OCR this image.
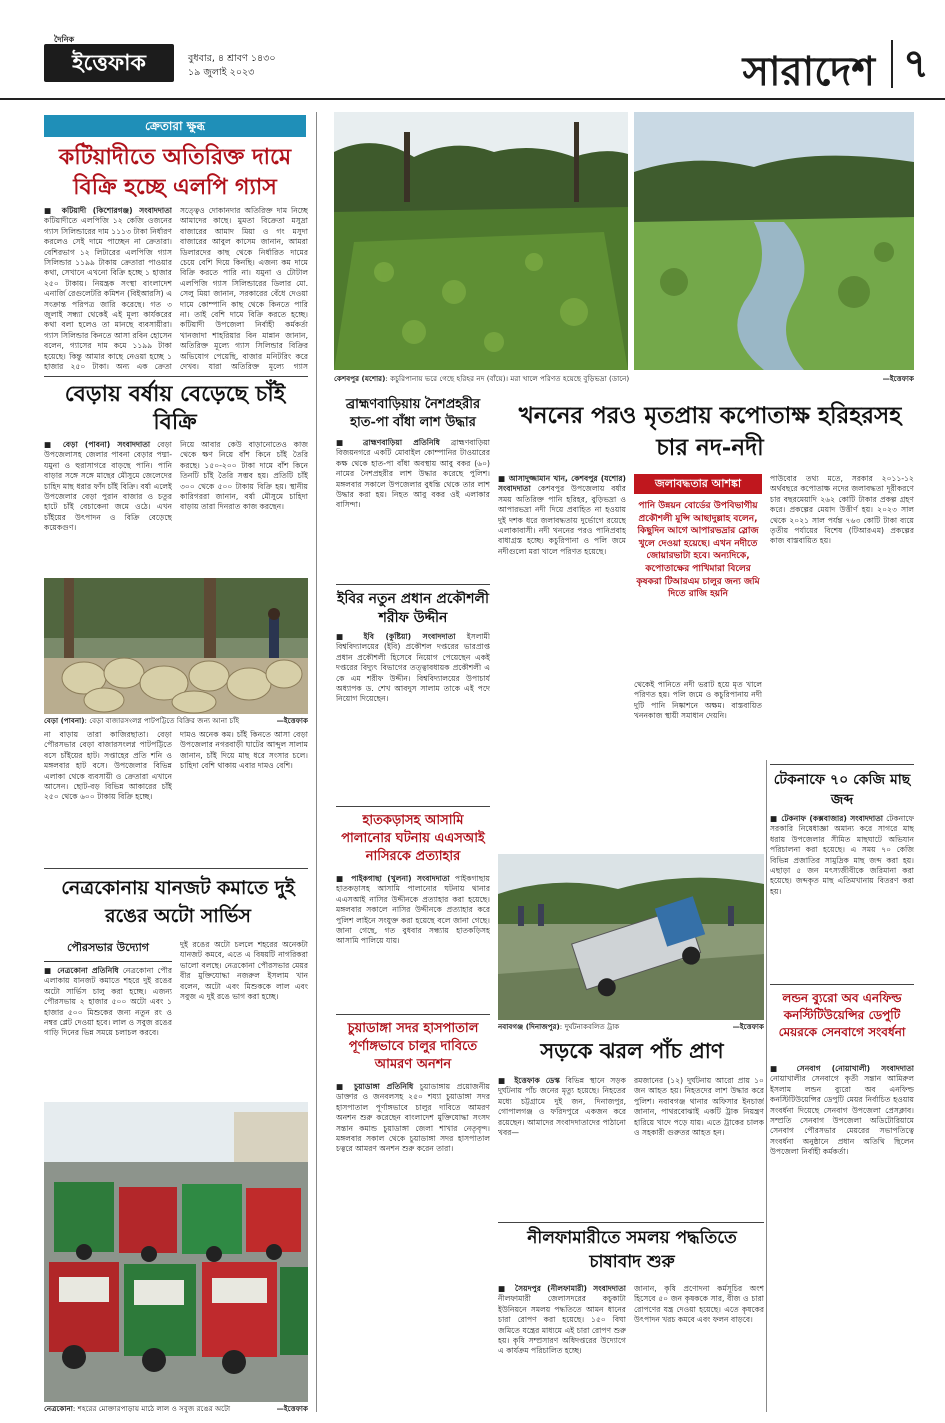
দৈনিক
ইত্তেফাক	বুধবার, ৪ শ্রাবণ ১৪৩০
১৯ জুলাই ২০২৩	সারাদেশ ৭
ক্রেতারা ক্ষুব্ধ
কটিয়াদীতে অতিরিক্ত দামে বিক্রি হচ্ছে এলপি গ্যাস
■ কটিয়াদী (কিশোরগঞ্জ) সংবাদদাতা কটিয়াদীতে এলপিজি ১২ কেজি ওজনের গ্যাস সিলিন্ডারের দাম ১১১৩ টাকা নির্ধারণ করলেও সেই দামে পাচ্ছেন না ক্রেতারা। বেশিরভাগ ১২ লিটারের এলপিজি গ্যাস সিলিন্ডার ১১৯৯ টাকায় ক্রেতারা পাওয়ার কথা, সেখানে এখনো বিক্রি হচ্ছে ১ হাজার ২৫০ টাকায়। নিয়ন্ত্রক সংস্থা বাংলাদেশ এনার্জি রেগুলেটরি কমিশন (বিইআরসি) এ সংক্রান্ত পরিপত্র জারি করেছে। গত ৩ জুলাই সন্ধ্যা থেকেই এই মূল্য কার্যকরের কথা বলা হলেও তা মানছে ব্যবসায়ীরা। গ্যাস সিলিন্ডার কিনতে আসা রবিন হোসেন বলেন, গ্যাসের দাম কমে ১১৯৯ টাকা হয়েছে। কিন্তু আমার কাছে নেওয়া হচ্ছে ১ হাজার ২৫০ টাকা। অন্য এক ক্রেতা
সত্ত্বেও দোকানদার অতিরিক্ত দাম নিচ্ছে আমাদের কাছে। মুমতা বিক্রেতা মসুদ্রা বাজারের আমাদ মিয়া ও গং মসুদা বাজারের আবুল কাসেম জানান, আমরা ডিলারদের কাছ থেকে নির্ধারিত দামের চেয়ে বেশি দিয়ে কিনছি। এজন্য কম দামে বিক্রি করতে পারি না। যমুনা ও টোটাল এলপিজি গ্যাস সিলিন্ডারের ডিলার মো. সেলু মিয়া জানান, সরকারের বেঁধে দেওয়া দামে কোম্পানি কাছ থেকে কিনতে পারি না। তাই বেশি দামে বিক্রি করতে হচ্ছে। কটিয়াদী উপজেলা নির্বাহী কর্মকর্তা খানজাদা শাহরিয়ার বিন মান্নান জানান, অতিরিক্ত মূল্যে গ্যাস সিলিন্ডার বিক্রির অভিযোগ পেয়েছি, বাজার মনিটরিং করে দেখব। যারা অতিরিক্ত মূল্যে গ্যাস
বেড়ায় বর্ষায় বেড়েছে চাঁই বিক্রি
■ বেড়া (পাবনা) সংবাদদাতা বেড়া উপজেলাসহ জেলার পাবনা বেড়ার পদ্মা-যমুনা ও হুরাসাগরে বাড়ছে পানি। পানি বাড়ার সঙ্গে সঙ্গে মাছের মৌসুমে জেলেদের চাহিদ মাছ ধরার ফাঁদ চাঁই বিক্রি। বর্ষা এলেই উপজেলার বেড়া পুরান বাজার ও চতুর হাটে চাঁই বেচাকেনা জমে ওঠে। এখন চাঁইয়ের উৎপাদন ও বিক্রি বেড়েছে কয়েকগুণ।
নিয়ে আবার কেউ বাড়ানোতেও কাজ থেকে ক্ষণ নিয়ে বাঁশ কিনে চাঁই তৈরি করছে। ১৫০-২০০ টাকা দামে বাঁশ কিনে তিনটি চাঁই তৈরি সম্ভব হয়। প্রতিটি চাঁই ৩০০ থেকে ৫০০ টাকায় বিক্রি হয়। স্থানীয় কারিগররা জানান, বর্ষা মৌসুমে চাহিদা বাড়ায় তারা দিনরাত কাজ করছেন।
বেড়া (পাবনা): বেড়া বাজারসংলগ্ন পাটপট্টিতে বিক্রির জন্য আনা চাঁই	—ইত্তেফাক
না বাড়ায় তারা কাজিরছাতা। বেড়া পৌরসভার বেড়া বাজারসংলগ্ন পাটপট্টিতে বসে চাঁইয়ের হাট। সপ্তাহের প্রতি শনি ও মঙ্গলবার হাট বসে। উপজেলার বিভিন্ন এলাকা থেকে ব্যবসায়ী ও ক্রেতারা এখানে আসেন। ছোট-বড় বিভিন্ন আকারের চাঁই ২৫০ থেকে ৬০০ টাকায় বিক্রি হচ্ছে।
দামও অনেক কম। চাঁই কিনতে আসা বেড়া উপজেলার নগরবাড়ী ঘাটের আব্দুল সালাম জানান, চাঁই দিয়ে মাছ ধরে সংসার চলে। চাহিদা বেশি থাকায় এবার দামও বেশি।
নেত্রকোনায় যানজট কমাতে দুই রঙের অটো সার্ভিস
পৌরসভার উদ্যোগ
■ নেত্রকোনা প্রতিনিধি নেত্রকোনা পৌর এলাকায় যানজট কমাতে শহরে দুই রঙের অটো সার্ভিস চালু করা হচ্ছে। এজন্য পৌরসভায় ২ হাজার ৫০০ অটো এবং ১ হাজার ৫০০ মিশুকের জন্য নতুন রং ও নম্বর প্লেট দেওয়া হবে। লাল ও সবুজ রঙের গাড়ি দিনের ভিন্ন সময়ে চলাচল করবে।
দুই রঙের অটো চললে শহরের অনেকটা যানজট কমবে, এতে এ বিষয়টি নাগরিকরা ভালো বলছে। নেত্রকোনা পৌরসভার মেয়র বীর মুক্তিযোদ্ধা নজরুল ইসলাম খান বলেন, অটো এবং মিশুককে লাল এবং সবুজ এ দুই রঙে ভাগ করা হচ্ছে।
নেত্রকোনা: শহরের মোক্তারপাড়ায় মাঠে লাল ও সবুজ রঙের অটো	—ইত্তেফাক
কেশবপুর (যশোর): কচুরিপানায় ভরে গেছে হরিহর নদ (বাঁয়ে)। মরা খালে পরিণত হয়েছে বুড়িভদ্রা (ডানে)	—ইত্তেফাক
ব্রাহ্মণবাড়িয়ায় নৈশপ্রহরীর হাত-পা বাঁধা লাশ উদ্ধার
■ ব্রাহ্মণবাড়িয়া প্রতিনিধি ব্রাহ্মণবাড়িয়া বিজয়নগরে একটি মোবাইল কোম্পানির টাওয়ারের কক্ষ থেকে হাত-পা বাঁধা অবস্থায় আবু বকর (৬০) নামের নৈশপ্রহরীর লাশ উদ্ধার করেছে পুলিশ। মঙ্গলবার সকালে উপজেলার বুধন্তি থেকে তার লাশ উদ্ধার করা হয়। নিহত আবু বকর ওই এলাকার বাসিন্দা।
ইবির নতুন প্রধান প্রকৌশলী শরীফ উদ্দীন
■ ইবি (কুষ্টিয়া) সংবাদদাতা ইসলামী বিশ্ববিদ্যালয়ের (ইবি) প্রকৌশল দপ্তরের ভারপ্রাপ্ত প্রধান প্রকৌশলী হিসেবে নিয়োগ পেয়েছেন একই দপ্তরের বিদ্যুৎ বিভাগের তত্ত্বাবধায়ক প্রকৌশলী এ কে এম শরীফ উদ্দীন। বিশ্ববিদ্যালয়ের উপাচার্য অধ্যাপক ড. শেখ আবদুস সালাম তাকে এই পদে নিয়োগ দিয়েছেন।
হাতকড়াসহ আসামি পালানোর ঘটনায় এএসআই নাসিরকে প্রত্যাহার
■ পাইকগাছা (খুলনা) সংবাদদাতা পাইকগাছায় হাতকড়াসহ আসামি পালানোর ঘটনায় থানার এএসআই নাসির উদ্দীনকে প্রত্যাহার করা হয়েছে। মঙ্গলবার সকালে নাসির উদ্দীনকে প্রত্যাহার করে পুলিশ লাইনে সংযুক্ত করা হয়েছে বলে জানা গেছে। জানা গেছে, গত বুধবার সন্ধ্যায় হাতকড়িসহ আসামি পালিয়ে যায়।
চুয়াডাঙ্গা সদর হাসপাতাল পূর্ণাঙ্গভাবে চালুর দাবিতে আমরণ অনশন
■ চুয়াডাঙ্গা প্রতিনিধি চুয়াডাঙ্গায় প্রয়োজনীয় ডাক্তার ও জনবলসহ ২৫০ শয্যা চুয়াডাঙ্গা সদর হাসপাতাল পূর্ণাঙ্গভাবে চালুর দাবিতে আমরণ অনশন শুরু করেছেন বাংলাদেশ মুক্তিযোদ্ধা সংসদ সন্তান কমান্ড চুয়াডাঙ্গা জেলা শাখার নেতৃবৃন্দ। মঙ্গলবার সকাল থেকে চুয়াডাঙ্গা সদর হাসপাতাল চত্বরে আমরণ অনশন শুরু করেন তারা।
খননের পরও মৃতপ্রায় কপোতাক্ষ হরিহরসহ চার নদ-নদী
■ আসাদুজ্জামান খান, কেশবপুর (যশোর) সংবাদদাতা কেশবপুর উপজেলায় বর্ষার সময় অতিরিক্ত পানি হরিহর, বুড়িভদ্রা ও আপারভদ্রা নদী দিয়ে প্রবাহিত না হওয়ায় দুই দশক ধরে জলাবদ্ধতায় দুর্ভোগে রয়েছে এলাকাবাসী। নদী খননের পরও পানিপ্রবাহ বাধাগ্রস্ত হচ্ছে। কচুরিপানা ও পলি জমে নদীগুলো মরা খালে পরিণত হয়েছে।
জলাবদ্ধতার আশঙ্কা
পানি উন্নয়ন বোর্ডের উপবিভাগীয় প্রকৌশলী মুন্সি আছাদুল্লাহ বলেন, কিছুদিন আগে আপারভদ্রার স্লোজ খুলে দেওয়া হয়েছে। এখন নদীতে জোয়ারভাটা হবে। অন্যদিকে, কপোতাক্ষের পাখিমারা বিলের কৃষকরা টিআরএম চালুর জন্য জমি দিতে রাজি হয়নি
থেকেই পানিতে নদী ভরাট হয়ে মৃত খালে পরিণত হয়। পলি জমে ও কচুরিপানায় নদী দুটি পানি নিষ্কাশনে অক্ষম। বাস্তবায়িত খননকাজ স্থায়ী সমাধান দেয়নি।
পাউবোর তথ্য মতে, সরকার ২০১১-১২ অর্থবছরে কপোতাক্ষ নদের জলাবদ্ধতা দূরীকরণে চার বছরমেয়াদি ২৬২ কোটি টাকার প্রকল্প গ্রহণ করে। প্রকল্পের মেয়াদ উত্তীর্ণ হয়। ২০২৩ সাল থেকে ২০২১ সাল পর্যন্ত ৭৬৩ কোটি টাকা ব্যয়ে তৃতীয় পর্যায়ের বিশেষ (টিআরএম) প্রকল্পের কাজ বাস্তবায়িত হয়।
টেকনাফে ৭০ কেজি মাছ জব্দ
■ টেকনাফ (কক্সবাজার) সংবাদদাতা টেকনাফে সরকারি নিষেধাজ্ঞা অমান্য করে সাগরে মাছ ধরায় উপজেলার সীমিত মাছঘাটে অভিযান পরিচালনা করা হয়েছে। এ সময় ৭০ কেজি বিভিন্ন প্রজাতির সামুদ্রিক মাছ জব্দ করা হয়। এছাড়া ৫ জন মৎস্যজীবীকে জরিমানা করা হয়েছে। জব্দকৃত মাছ এতিমখানায় বিতরণ করা হয়।
লন্ডন ব্যুরো অব এনফিল্ড কনস্টিটিউয়েন্সির ডেপুটি মেয়রকে সেনবাগে সংবর্ধনা
■ সেনবাগ (নোয়াখালী) সংবাদদাতা নোয়াখালীর সেনবাগে কৃতী সন্তান আমিরুল ইসলাম লন্ডন ব্যুরো অব এনফিল্ড কনস্টিটিউয়েন্সির ডেপুটি মেয়র নির্বাচিত হওয়ায় সংবর্ধনা দিয়েছে সেনবাগ উপজেলা প্রেসক্লাব। সম্প্রতি সেনবাগ উপজেলা অডিটোরিয়ামে সেনবাগ পৌরসভার মেয়রের সভাপতিত্বে সংবর্ধনা অনুষ্ঠানে প্রধান অতিথি ছিলেন উপজেলা নির্বাহী কর্মকর্তা।
নবাবগঞ্জ (দিনাজপুর): দুর্ঘটনাকবলিত ট্রাক	—ইত্তেফাক
সড়কে ঝরল পাঁচ প্রাণ
■ ইত্তেফাক ডেস্ক বিভিন্ন স্থানে সড়ক দুর্ঘটনায় পাঁচ জনের মৃত্যু হয়েছে। নিহতের মধ্যে চট্টগ্রামে দুই জন, দিনাজপুর, গোপালগঞ্জ ও ফরিদপুরে একজন করে রয়েছেন। আমাদের সংবাদদাতাদের পাঠানো খবর—
রমজানের (১২) দুর্ঘটনায় আরো প্রায় ১০ জন আহত হয়। নিহতদের লাশ উদ্ধার করে পুলিশ। নবাবগঞ্জ থানার অফিসার ইনচার্জ জানান, পাথরবোঝাই একটি ট্রাক নিয়ন্ত্রণ হারিয়ে খাদে পড়ে যায়। এতে ট্রাকের চালক ও সহকারী গুরুতর আহত হন।
নীলফামারীতে সমলয় পদ্ধতিতে চাষাবাদ শুরু
■ সৈয়দপুর (নীলফামারী) সংবাদদাতা নীলফামারী জেলাসদরের কচুকাটা ইউনিয়নে সমলয় পদ্ধতিতে আমন ধানের চারা রোপণ করা হয়েছে। ১৫০ বিঘা জমিতে যন্ত্রের মাধ্যমে এই চারা রোপণ শুরু হয়। কৃষি সম্প্রসারণ অধিদপ্তরের উদ্যোগে এ কার্যক্রম পরিচালিত হচ্ছে।
জানান, কৃষি প্রণোদনা কর্মসূচির অংশ হিসেবে ৫০ জন কৃষককে সার, বীজ ও চারা রোপণের যন্ত্র দেওয়া হয়েছে। এতে কৃষকের উৎপাদন খরচ কমবে এবং ফলন বাড়বে।
